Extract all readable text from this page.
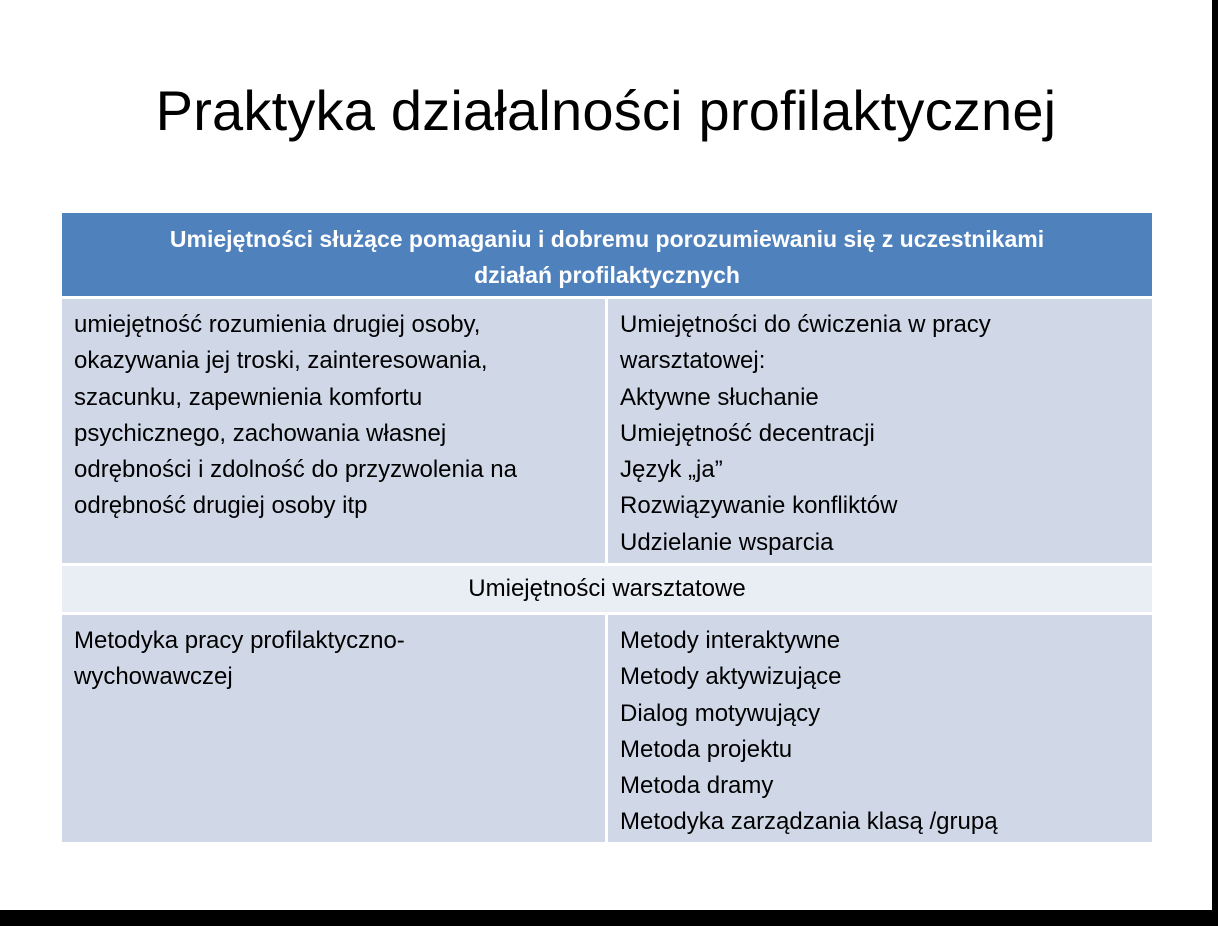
Praktyka działalności profilaktycznej
Umiejętności służące pomaganiu i dobremu porozumiewaniu się z uczestnikami
działań profilaktycznych
umiejętność rozumienia drugiej osoby,
okazywania jej troski, zainteresowania,
szacunku, zapewnienia komfortu
psychicznego, zachowania własnej
odrębności i zdolność do przyzwolenia na
odrębność drugiej osoby itp
Umiejętności do ćwiczenia w pracy
warsztatowej:
Aktywne słuchanie
Umiejętność decentracji
Język „ja”
Rozwiązywanie konfliktów
Udzielanie wsparcia
Umiejętności warsztatowe
Metodyka pracy profilaktyczno-
wychowawczej
Metody interaktywne
Metody aktywizujące
Dialog motywujący
Metoda projektu
Metoda dramy
Metodyka zarządzania klasą /grupą
